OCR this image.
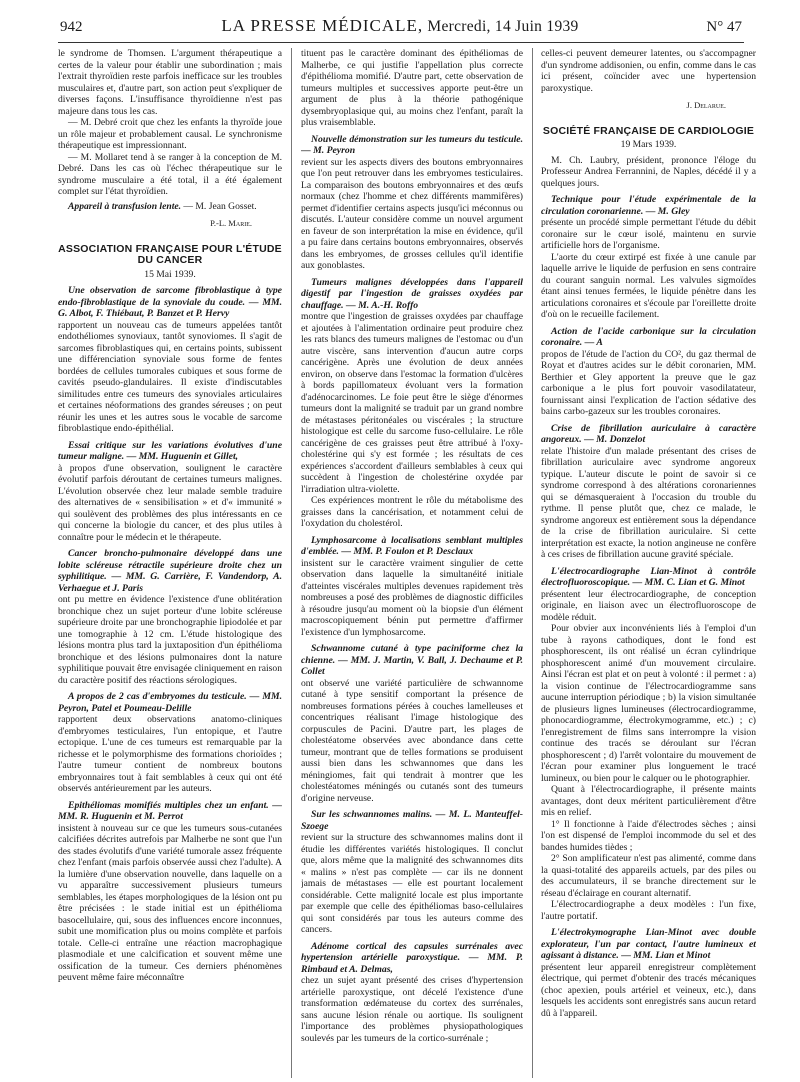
942	LA PRESSE MÉDICALE, Mercredi, 14 Juin 1939	N° 47

le syndrome de Thomsen. L'argument thérapeutique a certes de la valeur pour établir une subordination ; mais l'extrait thyroïdien reste parfois inefficace sur les troubles musculaires et, d'autre part, son action peut s'expliquer de diverses façons. L'insuffisance thyroïdienne n'est pas majeure dans tous les cas.

— M. Debré croit que chez les enfants la thyroïde joue un rôle majeur et probablement causal. Le synchronisme thérapeutique est impressionnant.

— M. Mollaret tend à se ranger à la conception de M. Debré. Dans les cas où l'échec thérapeutique sur le syndrome musculaire a été total, il a été également complet sur l'état thyroïdien.

Appareil à transfusion lente. — M. Jean Gosset.

P.-L. Marie.

ASSOCIATION FRANÇAISE POUR L'ÉTUDE DU CANCER

15 Mai 1939.

Une observation de sarcome fibroblastique à type endo-fibroblastique de la synoviale du coude. — MM. G. Albot, F. Thiébaut, P. Banzet et P. Hervy

rapportent un nouveau cas de tumeurs appelées tantôt endothéliomes synoviaux, tantôt synoviomes. Il s'agit de sarcomes fibroblastiques qui, en certains points, subissent une différenciation synoviale sous forme de fentes bordées de cellules tumorales cubiques et sous forme de cavités pseudo-glandulaires. Il existe d'indiscutables similitudes entre ces tumeurs des synoviales articulaires et certaines néoformations des grandes séreuses ; on peut réunir les unes et les autres sous le vocable de sarcome fibroblastique endo-épithélial.

Essai critique sur les variations évolutives d'une tumeur maligne. — MM. Huguenin et Gillet,

à propos d'une observation, soulignent le caractère évolutif parfois déroutant de certaines tumeurs malignes. L'évolution observée chez leur malade semble traduire des alternatives de « sensibilisation » et d'« immunité » qui soulèvent des problèmes des plus intéressants en ce qui concerne la biologie du cancer, et des plus utiles à connaître pour le médecin et le thérapeute.

Cancer broncho-pulmonaire développé dans une lobite scléreuse rétractile supérieure droite chez un syphilitique. — MM. G. Carrière, F. Vandendorp, A. Verhaegue et J. Paris

ont pu mettre en évidence l'existence d'une oblitération bronchique chez un sujet porteur d'une lobite scléreuse supérieure droite par une bronchographie lipiodolée et par une tomographie à 12 cm. L'étude histologique des lésions montra plus tard la juxtaposition d'un épithélioma bronchique et des lésions pulmonaires dont la nature syphilitique pouvait être envisagée cliniquement en raison du caractère positif des réactions sérologiques.

A propos de 2 cas d'embryomes du testicule. — MM. Peyron, Patel et Poumeau-Delille

rapportent deux observations anatomo-cliniques d'embryomes testiculaires, l'un entopique, et l'autre ectopique. L'une de ces tumeurs est remarquable par la richesse et le polymorphisme des formations chorioïdes ; l'autre tumeur contient de nombreux boutons embryonnaires tout à fait semblables à ceux qui ont été observés antérieurement par les auteurs.

Epithéliomas momifiés multiples chez un enfant. — MM. R. Huguenin et M. Perrot

insistent à nouveau sur ce que les tumeurs sous-cutanées calcifiées décrites autrefois par Malherbe ne sont que l'un des stades évolutifs d'une variété tumorale assez fréquente chez l'enfant (mais parfois observée aussi chez l'adulte). A la lumière d'une observation nouvelle, dans laquelle on a vu apparaître successivement plusieurs tumeurs semblables, les étapes morphologiques de la lésion ont pu être précisées : le stade initial est un épithélioma basocellulaire, qui, sous des influences encore inconnues, subit une momification plus ou moins complète et parfois totale. Celle-ci entraîne une réaction macrophagique plasmodiale et une calcification et souvent même une ossification de la tumeur. Ces derniers phénomènes peuvent même faire méconnaître

tituent pas le caractère dominant des épithéliomas de Malherbe, ce qui justifie l'appellation plus correcte d'épithélioma momifié. D'autre part, cette observation de tumeurs multiples et successives apporte peut-être un argument de plus à la théorie pathogénique dysembryoplasique qui, au moins chez l'enfant, paraît la plus vraisemblable.

Nouvelle démonstration sur les tumeurs du testicule. — M. Peyron

revient sur les aspects divers des boutons embryonnaires que l'on peut retrouver dans les embryomes testiculaires. La comparaison des boutons embryonnaires et des œufs normaux (chez l'homme et chez différents mammifères) permet d'identifier certains aspects jusqu'ici méconnus ou discutés. L'auteur considère comme un nouvel argument en faveur de son interprétation la mise en évidence, qu'il a pu faire dans certains boutons embryonnaires, observés dans les embryomes, de grosses cellules qu'il identifie aux gonoblastes.

Tumeurs malignes développées dans l'appareil digestif par l'ingestion de graisses oxydées par chauffage. — M. A.-H. Roffo

montre que l'ingestion de graisses oxydées par chauffage et ajoutées à l'alimentation ordinaire peut produire chez les rats blancs des tumeurs malignes de l'estomac ou d'un autre viscère, sans intervention d'aucun autre corps cancérigène. Après une évolution de deux années environ, on observe dans l'estomac la formation d'ulcères à bords papillomateux évoluant vers la formation d'adénocarcinomes. Le foie peut être le siège d'énormes tumeurs dont la malignité se traduit par un grand nombre de métastases péritonéales ou viscérales ; la structure histologique est celle du sarcome fuso-cellulaire. Le rôle cancérigène de ces graisses peut être attribué à l'oxy-cholestérine qui s'y est formée ; les résultats de ces expériences s'accordent d'ailleurs semblables à ceux qui succèdent à l'ingestion de cholestérine oxydée par l'irradiation ultra-violette.

Ces expériences montrent le rôle du métabolisme des graisses dans la cancérisation, et notamment celui de l'oxydation du cholestérol.

Lymphosarcome à localisations semblant multiples d'emblée. — MM. P. Foulon et P. Desclaux

insistent sur le caractère vraiment singulier de cette observation dans laquelle la simultanéité initiale d'atteintes viscérales multiples devenues rapidement très nombreuses a posé des problèmes de diagnostic difficiles à résoudre jusqu'au moment où la biopsie d'un élément macroscopiquement bénin put permettre d'affirmer l'existence d'un lymphosarcome.

Schwannome cutané à type paciniforme chez la chienne. — MM. J. Martin, V. Ball, J. Dechaume et P. Collet

ont observé une variété particulière de schwannome cutané à type sensitif comportant la présence de nombreuses formations pérées à couches lamelleuses et concentriques réalisant l'image histologique des corpuscules de Pacini. D'autre part, les plages de cholestéatome observées avec abondance dans cette tumeur, montrant que de telles formations se produisent aussi bien dans les schwannomes que dans les méningiomes, fait qui tendrait à montrer que les cholestéatomes méningés ou cutanés sont des tumeurs d'origine nerveuse.

Sur les schwannomes malins. — M. L. Manteuffel-Szoege

revient sur la structure des schwannomes malins dont il étudie les différentes variétés histologiques. Il conclut que, alors même que la malignité des schwannomes dits « malins » n'est pas complète — car ils ne donnent jamais de métastases — elle est pourtant localement considérable. Cette malignité locale est plus importante par exemple que celle des épithéliomas baso-cellulaires qui sont considérés par tous les auteurs comme des cancers.

Adénome cortical des capsules surrénales avec hypertension artérielle paroxystique. — MM. P. Rimbaud et A. Delmas,

chez un sujet ayant présenté des crises d'hypertension artérielle paroxystique, ont décelé l'existence d'une transformation œdémateuse du cortex des surrénales, sans aucune lésion rénale ou aortique. Ils soulignent l'importance des problèmes physiopathologiques soulevés par les tumeurs de la cortico-surrénale ;

celles-ci peuvent demeurer latentes, ou s'accompagner d'un syndrome addisonien, ou enfin, comme dans le cas ici présent, coïncider avec une hypertension paroxystique.

J. Delarue.

SOCIÉTÉ FRANÇAISE DE CARDIOLOGIE

19 Mars 1939.

M. Ch. Laubry, président, prononce l'éloge du Professeur Andrea Ferrannini, de Naples, décédé il y a quelques jours.

Technique pour l'étude expérimentale de la circulation coronarienne. — M. Gley

présente un procédé simple permettant l'étude du débit coronaire sur le cœur isolé, maintenu en survie artificielle hors de l'organisme.

L'aorte du cœur extirpé est fixée à une canule par laquelle arrive le liquide de perfusion en sens contraire du courant sanguin normal. Les valvules sigmoïdes étant ainsi tenues fermées, le liquide pénètre dans les articulations coronaires et s'écoule par l'oreillette droite d'où on le recueille facilement.

Action de l'acide carbonique sur la circulation coronaire. — A

propos de l'étude de l'action du CO², du gaz thermal de Royat et d'autres acides sur le débit coronarien, MM. Berthier et Gley apportent la preuve que le gaz carbonique a le plus fort pouvoir vasodilatateur, fournissant ainsi l'explication de l'action sédative des bains carbo-gazeux sur les troubles coronaires.

Crise de fibrillation auriculaire à caractère angoreux. — M. Donzelot

relate l'histoire d'un malade présentant des crises de fibrillation auriculaire avec syndrome angoreux typique. L'auteur discute le point de savoir si ce syndrome correspond à des altérations coronariennes qui se démasqueraient à l'occasion du trouble du rythme. Il pense plutôt que, chez ce malade, le syndrome angoreux est entièrement sous la dépendance de la crise de fibrillation auriculaire. Si cette interprétation est exacte, la notion angineuse ne confère à ces crises de fibrillation aucune gravité spéciale.

L'électrocardiographe Lian-Minot à contrôle électrofluoroscopique. — MM. C. Lian et G. Minot

présentent leur électrocardiographe, de conception originale, en liaison avec un électrofluoroscope de modèle réduit.

Pour obvier aux inconvénients liés à l'emploi d'un tube à rayons cathodiques, dont le fond est phosphorescent, ils ont réalisé un écran cylindrique phosphorescent animé d'un mouvement circulaire. Ainsi l'écran est plat et on peut à volonté : il permet : a) la vision continue de l'électrocardiogramme sans aucune interruption périodique ; b) la vision simultanée de plusieurs lignes lumineuses (électrocardiogramme, phonocardiogramme, électrokymogramme, etc.) ; c) l'enregistrement de films sans interrompre la vision continue des tracés se déroulant sur l'écran phosphorescent ; d) l'arrêt volontaire du mouvement de l'écran pour examiner plus longuement le tracé lumineux, ou bien pour le calquer ou le photographier.

Quant à l'électrocardiographe, il présente maints avantages, dont deux méritent particulièrement d'être mis en relief.

1° Il fonctionne à l'aide d'électrodes sèches ; ainsi l'on est dispensé de l'emploi incommode du sel et des bandes humides tièdes ;

2° Son amplificateur n'est pas alimenté, comme dans la quasi-totalité des appareils actuels, par des piles ou des accumulateurs, il se branche directement sur le réseau d'éclairage en courant alternatif.

L'électrocardiographe a deux modèles : l'un fixe, l'autre portatif.

L'électrokymographe Lian-Minot avec double explorateur, l'un par contact, l'autre lumineux et agissant à distance. — MM. Lian et Minot

présentent leur appareil enregistreur complètement électrique, qui permet d'obtenir des tracés mécaniques (choc apexien, pouls artériel et veineux, etc.), dans lesquels les accidents sont enregistrés sans aucun retard dû à l'appareil.
